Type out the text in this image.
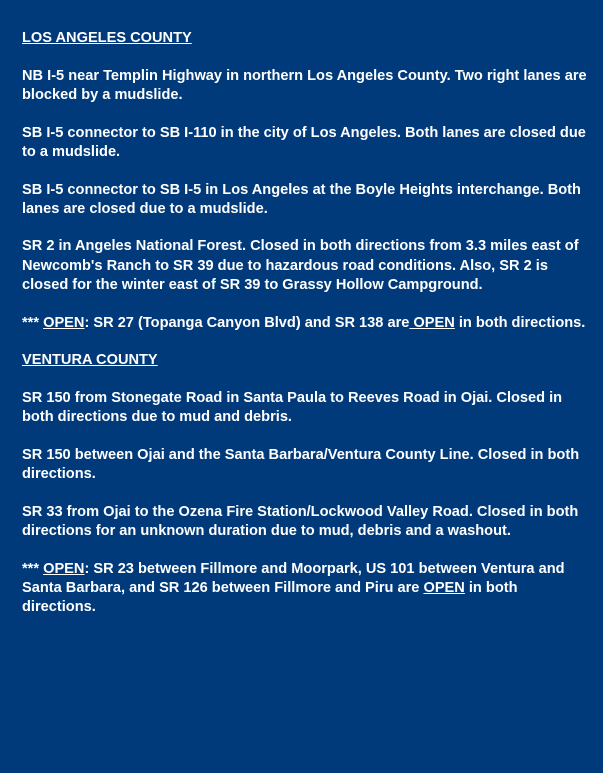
LOS ANGELES COUNTY
NB I-5 near Templin Highway in northern Los Angeles County. Two right lanes are blocked by a mudslide.
SB I-5 connector to SB I-110 in the city of Los Angeles. Both lanes are closed due to a mudslide.
SB I-5 connector to SB I-5 in Los Angeles at the Boyle Heights interchange. Both lanes are closed due to a mudslide.
SR 2 in Angeles National Forest. Closed in both directions from 3.3 miles east of Newcomb's Ranch to SR 39 due to hazardous road conditions. Also, SR 2 is closed for the winter east of SR 39 to Grassy Hollow Campground.
*** OPEN: SR 27 (Topanga Canyon Blvd) and SR 138 are OPEN in both directions.
VENTURA COUNTY
SR 150 from Stonegate Road in Santa Paula to Reeves Road in Ojai. Closed in both directions due to mud and debris.
SR 150 between Ojai and the Santa Barbara/Ventura County Line. Closed in both directions.
SR 33 from Ojai to the Ozena Fire Station/Lockwood Valley Road. Closed in both directions for an unknown duration due to mud, debris and a washout.
*** OPEN: SR 23 between Fillmore and Moorpark, US 101 between Ventura and Santa Barbara, and SR 126 between Fillmore and Piru are OPEN in both directions.
